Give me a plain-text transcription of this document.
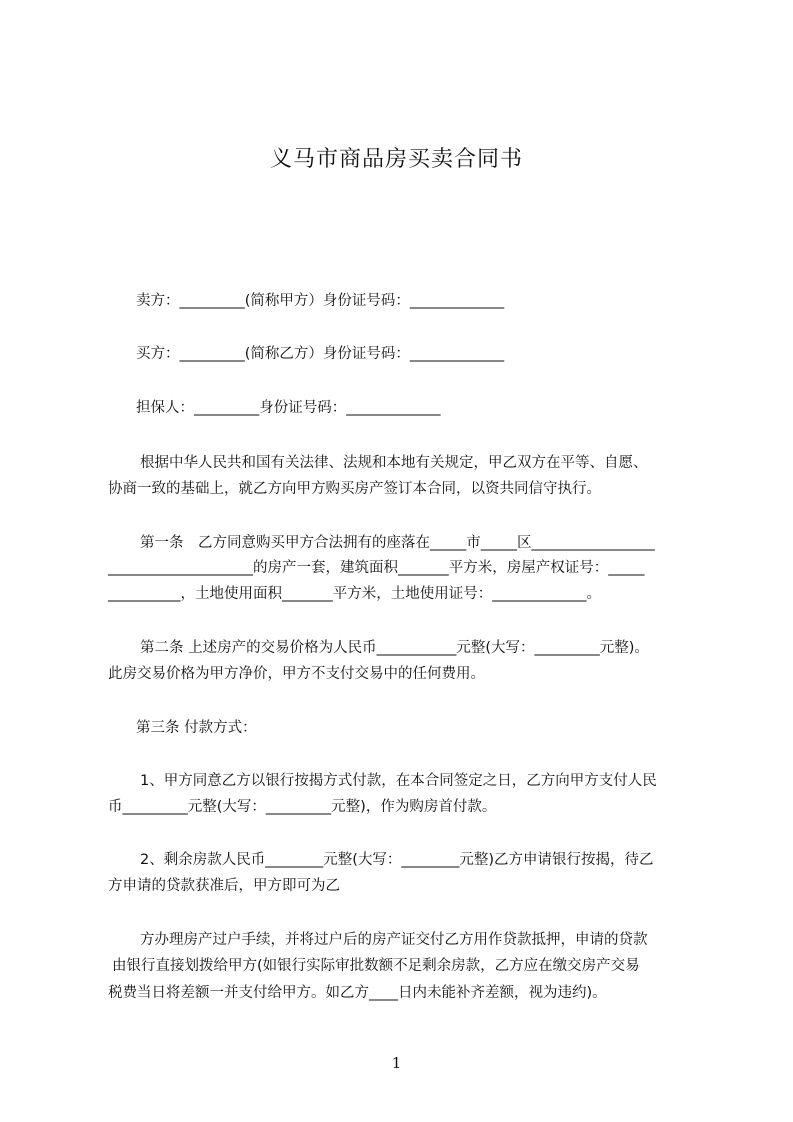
义马市商品房买卖合同书
卖方：_________(简称甲方）身份证号码：_____________
买方：_________(简称乙方）身份证号码：_____________
担保人：_________身份证号码：_____________
根据中华人民共和国有关法律、法规和本地有关规定，甲乙双方在平等、自愿、
协商一致的基础上，就乙方向甲方购买房产签订本合同，以资共同信守执行。
第一条　乙方同意购买甲方合法拥有的座落在_____市_____区_________________
____________________的房产一套，建筑面积_______平方米，房屋产权证号：_____
__________，土地使用面积_______平方米，土地使用证号：_____________。
第二条 上述房产的交易价格为人民币___________元整(大写：_________元整)。
此房交易价格为甲方净价，甲方不支付交易中的任何费用。
第三条 付款方式：
1、甲方同意乙方以银行按揭方式付款，在本合同签定之日，乙方向甲方支付人民
币_________元整(大写：_________元整)，作为购房首付款。
2、剩余房款人民币________元整(大写：________元整)乙方申请银行按揭，待乙
方申请的贷款获准后，甲方即可为乙
方办理房产过户手续，并将过户后的房产证交付乙方用作贷款抵押，申请的贷款
由银行直接划拨给甲方(如银行实际审批数额不足剩余房款，乙方应在缴交房产交易
税费当日将差额一并支付给甲方。如乙方____日内未能补齐差额，视为违约)。
1
